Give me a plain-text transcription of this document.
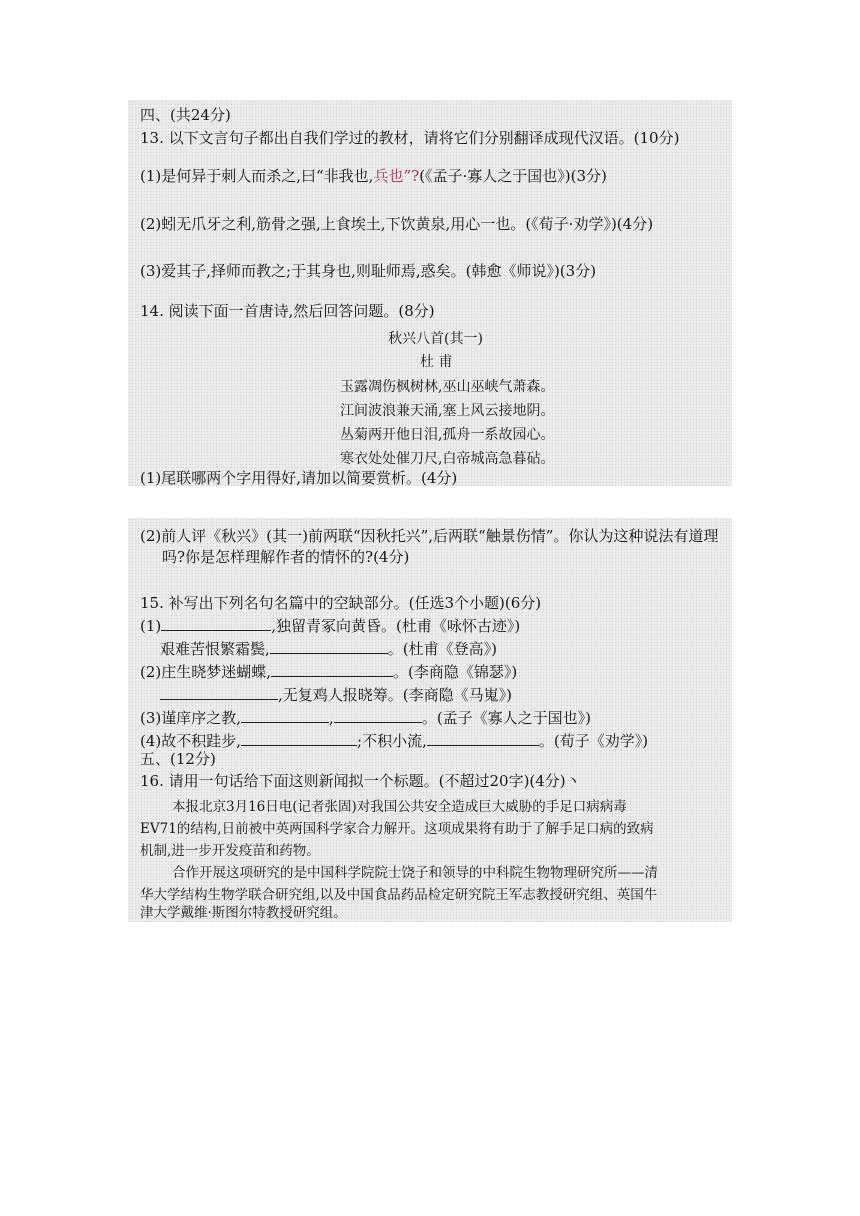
四、(共24分)
13. 以下文言句子都出自我们学过的教材，请将它们分别翻译成现代汉语。(10分)
(1)是何异于刺人而杀之,曰“非我也,兵也”?(《孟子·寡人之于国也》)(3分)
(2)蚓无爪牙之利,筋骨之强,上食埃土,下饮黄泉,用心一也。(《荀子·劝学》)(4分)
(3)爱其子,择师而教之;于其身也,则耻师焉,惑矣。(韩愈《师说》)(3分)
14. 阅读下面一首唐诗,然后回答问题。(8分)
秋兴八首(其一)
杜 甫
玉露凋伤枫树林,巫山巫峡气萧森。
江间波浪兼天涌,塞上风云接地阴。
丛菊两开他日泪,孤舟一系故园心。
寒衣处处催刀尺,白帝城高急暮砧。
(1)尾联哪两个字用得好,请加以简要赏析。(4分)
(2)前人评《秋兴》(其一)前两联“因秋托兴”,后两联“触景伤情”。你认为这种说法有道理
吗?你是怎样理解作者的情怀的?(4分)
15. 补写出下列名句名篇中的空缺部分。(任选3个小题)(6分)
(1)	,独留青冢向黄昏。(杜甫《咏怀古迹》)
艰难苦恨繁霜鬓,	。(杜甫《登高》)
(2)庄生晓梦迷蝴蝶,	。(李商隐《锦瑟》)
,无复鸡人报晓筹。(李商隐《马嵬》)
(3)谨庠序之教,	,	。(孟子《寡人之于国也》)
(4)故不积跬步,	;不积小流,	。(荀子《劝学》)
五、(12分)
16. 请用一句话给下面这则新闻拟一个标题。(不超过20字)(4分)丶
本报北京3月16日电(记者张固)对我国公共安全造成巨大威胁的手足口病病毒
EV71的结构,日前被中英两国科学家合力解开。这项成果将有助于了解手足口病的致病
机制,进一步开发疫苗和药物。
合作开展这项研究的是中国科学院院士饶子和领导的中科院生物物理研究所——清
华大学结构生物学联合研究组,以及中国食品药品检定研究院王军志教授研究组、英国牛
津大学戴维·斯图尔特教授研究组。
